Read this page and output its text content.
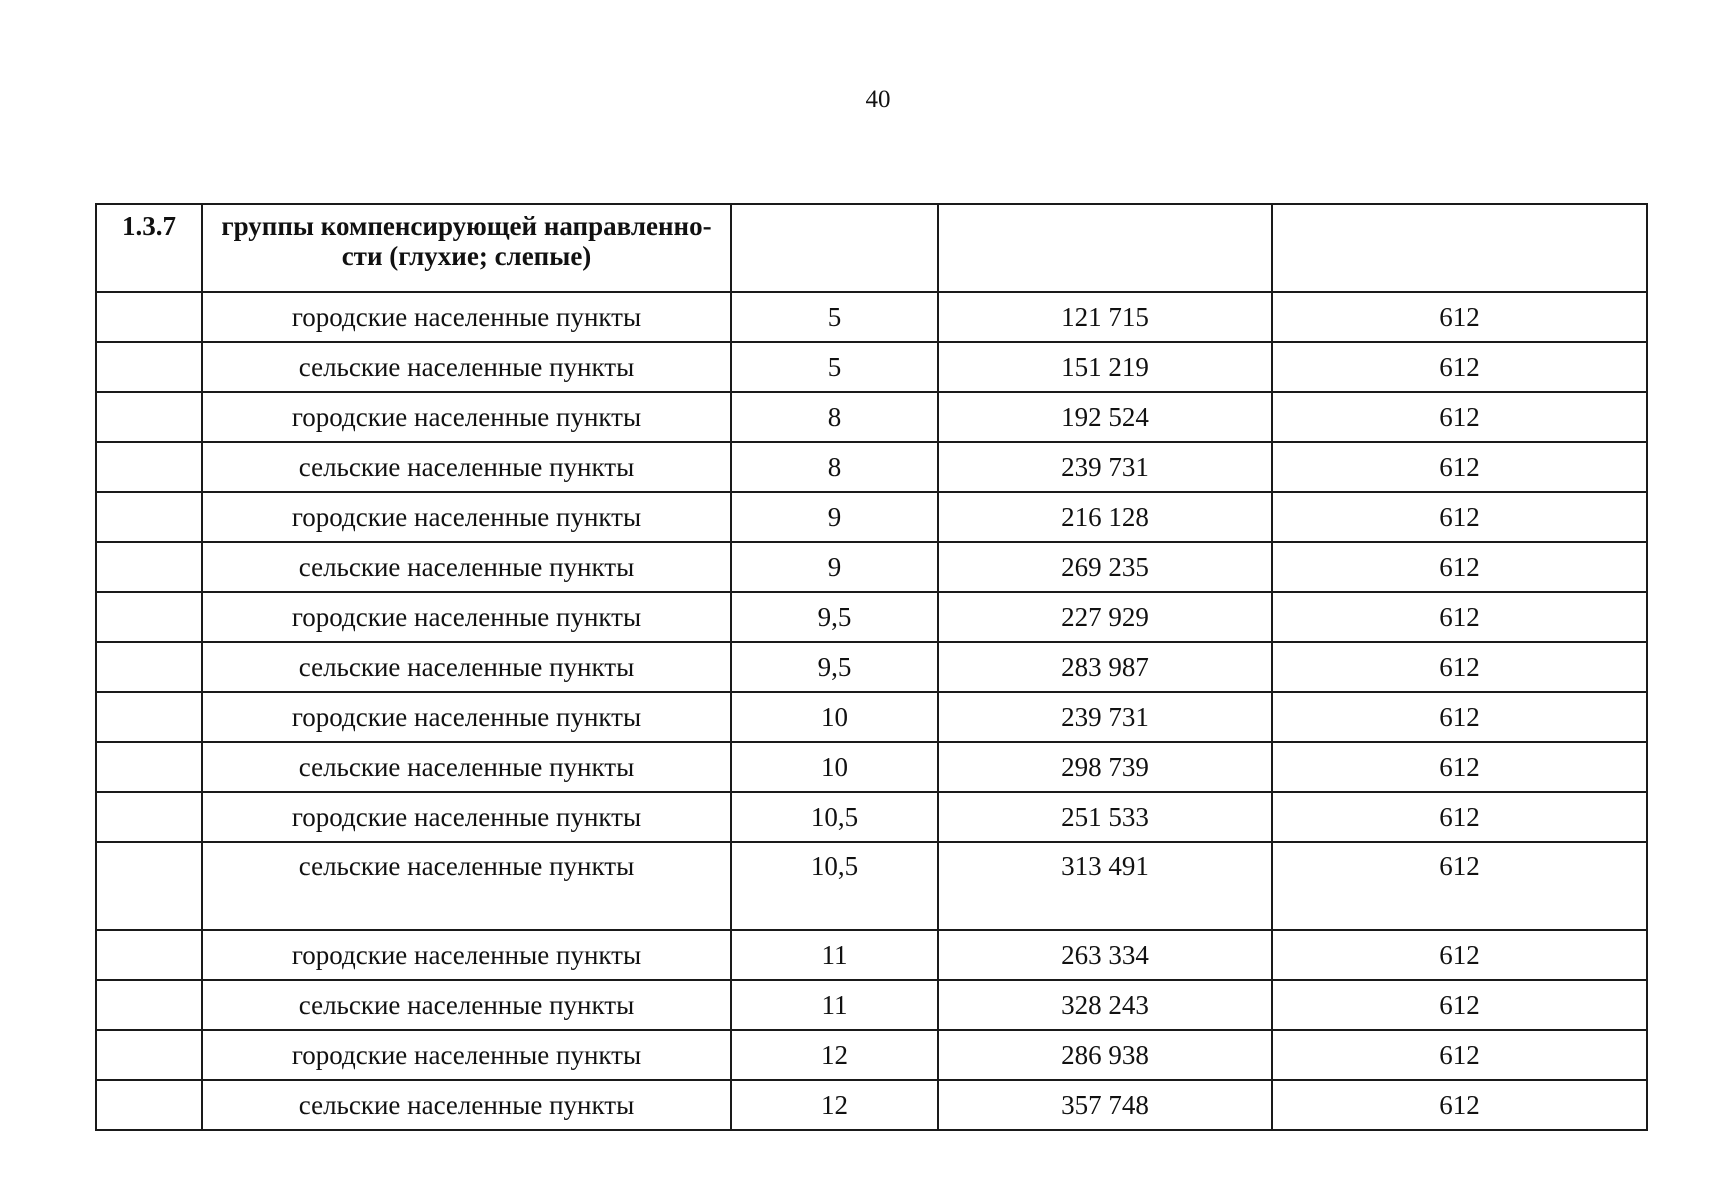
40
1.3.7	группы компенсирующей направленно-сти (глухие; слепые)			
	городские населенные пункты	5	121 715	612
	сельские населенные пункты	5	151 219	612
	городские населенные пункты	8	192 524	612
	сельские населенные пункты	8	239 731	612
	городские населенные пункты	9	216 128	612
	сельские населенные пункты	9	269 235	612
	городские населенные пункты	9,5	227 929	612
	сельские населенные пункты	9,5	283 987	612
	городские населенные пункты	10	239 731	612
	сельские населенные пункты	10	298 739	612
	городские населенные пункты	10,5	251 533	612
	сельские населенные пункты	10,5	313 491	612
	городские населенные пункты	11	263 334	612
	сельские населенные пункты	11	328 243	612
	городские населенные пункты	12	286 938	612
	сельские населенные пункты	12	357 748	612
